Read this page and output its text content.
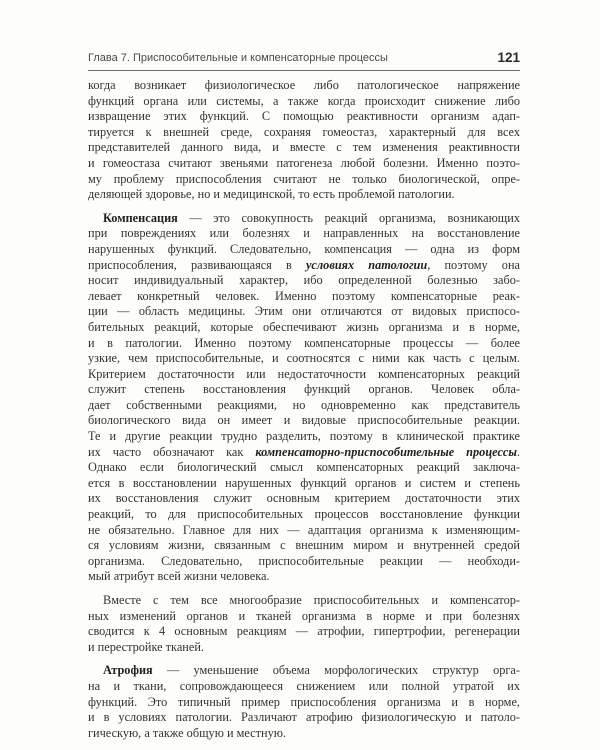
Глава 7. Приспособительные и компенсаторные процессы	121
когда возникает физиологическое либо патологическое напряжение
функций органа или системы, а также когда происходит снижение либо
извращение этих функций. С помощью реактивности организм адап-
тируется к внешней среде, сохраняя гомеостаз, характерный для всех
представителей данного вида, и вместе с тем изменения реактивности
и гомеостаза считают звеньями патогенеза любой болезни. Именно поэто-
му проблему приспособления считают не только биологической, опре-
деляющей здоровье, но и медицинской, то есть проблемой патологии.
Компенсация — это совокупность реакций организма, возникающих
при повреждениях или болезнях и направленных на восстановление
нарушенных функций. Следовательно, компенсация — одна из форм
приспособления, развивающаяся в условиях патологии, поэтому она
носит индивидуальный характер, ибо определенной болезнью забо-
левает конкретный человек. Именно поэтому компенсаторные реак-
ции — область медицины. Этим они отличаются от видовых приспосо-
бительных реакций, которые обеспечивают жизнь организма и в норме,
и в патологии. Именно поэтому компенсаторные процессы — более
узкие, чем приспособительные, и соотносятся с ними как часть с целым.
Критерием достаточности или недостаточности компенсаторных реакций
служит степень восстановления функций органов. Человек обла-
дает собственными реакциями, но одновременно как представитель
биологического вида он имеет и видовые приспособительные реакции.
Те и другие реакции трудно разделить, поэтому в клинической практике
их часто обозначают как компенсаторно-приспособительные процессы.
Однако если биологический смысл компенсаторных реакций заключа-
ется в восстановлении нарушенных функций органов и систем и степень
их восстановления служит основным критерием достаточности этих
реакций, то для приспособительных процессов восстановление функции
не обязательно. Главное для них — адаптация организма к изменяющим-
ся условиям жизни, связанным с внешним миром и внутренней средой
организма. Следовательно, приспособительные реакции — необходи-
мый атрибут всей жизни человека.
Вместе с тем все многообразие приспособительных и компенсатор-
ных изменений органов и тканей организма в норме и при болезнях
сводится к 4 основным реакциям — атрофии, гипертрофии, регенерации
и перестройке тканей.
Атрофия — уменьшение объема морфологических структур орга-
на и ткани, сопровождающееся снижением или полной утратой их
функций. Это типичный пример приспособления организма и в норме,
и в условиях патологии. Различают атрофию физиологическую и патоло-
гическую, а также общую и местную.
